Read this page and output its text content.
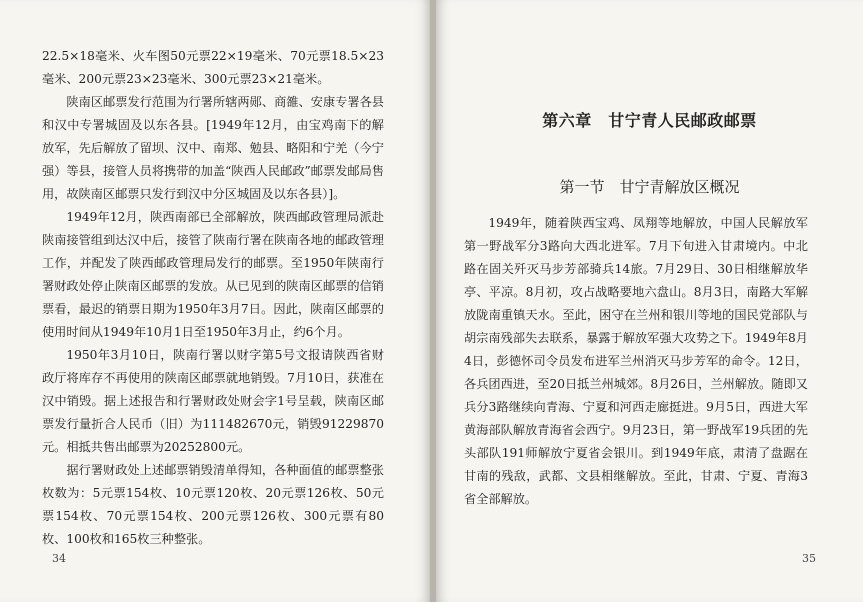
22.5×18毫米、火车图50元票22×19毫米、70元票18.5×23毫米、200元票23×23毫米、300元票23×21毫米。

陕南区邮票发行范围为行署所辖两郧、商雒、安康专署各县和汉中专署城固及以东各县。[1949年12月，由宝鸡南下的解放军，先后解放了留坝、汉中、南郑、勉县、略阳和宁羌（今宁强）等县，接管人员将携带的加盖“陕西人民邮政”邮票发邮局售用，故陕南区邮票只发行到汉中分区城固及以东各县）]。

1949年12月，陕西南部已全部解放，陕西邮政管理局派赴陕南接管组到达汉中后，接管了陕南行署在陕南各地的邮政管理工作，并配发了陕西邮政管理局发行的邮票。至1950年陕南行署财政处停止陕南区邮票的发放。从已见到的陕南区邮票的信销票看，最迟的销票日期为1950年3月7日。因此，陕南区邮票的使用时间从1949年10月1日至1950年3月止，约6个月。

1950年3月10日，陕南行署以财字第5号文报请陕西省财政厅将库存不再使用的陕南区邮票就地销毁。7月10日，获准在汉中销毁。据上述报告和行署财政处财会字1号呈载，陕南区邮票发行量折合人民币（旧）为111482670元，销毁91229870元。相抵共售出邮票为20252800元。

据行署财政处上述邮票销毁清单得知，各种面值的邮票整张枚数为：5元票154枚、10元票120枚、20元票126枚、50元票154枚、70元票154枚、200元票126枚、300元票有80枚、100枚和165枚三种整张。

34
第六章　甘宁青人民邮政邮票
第一节　甘宁青解放区概况

1949年，随着陕西宝鸡、凤翔等地解放，中国人民解放军第一野战军分3路向大西北进军。7月下旬进入甘肃境内。中北路在固关歼灭马步芳部骑兵14旅。7月29日、30日相继解放华亭、平凉。8月初，攻占战略要地六盘山。8月3日，南路大军解放陇南重镇天水。至此，困守在兰州和银川等地的国民党部队与胡宗南残部失去联系，暴露于解放军强大攻势之下。1949年8月4日，彭德怀司令员发布进军兰州消灭马步芳军的命令。12日，各兵团西进，至20日抵兰州城郊。8月26日，兰州解放。随即又兵分3路继续向青海、宁夏和河西走廊挺进。9月5日，西进大军黄海部队解放青海省会西宁。9月23日，第一野战军19兵团的先头部队191师解放宁夏省会银川。到1949年底，肃清了盘踞在甘南的残敌，武都、文县相继解放。至此，甘肃、宁夏、青海3省全部解放。

35
